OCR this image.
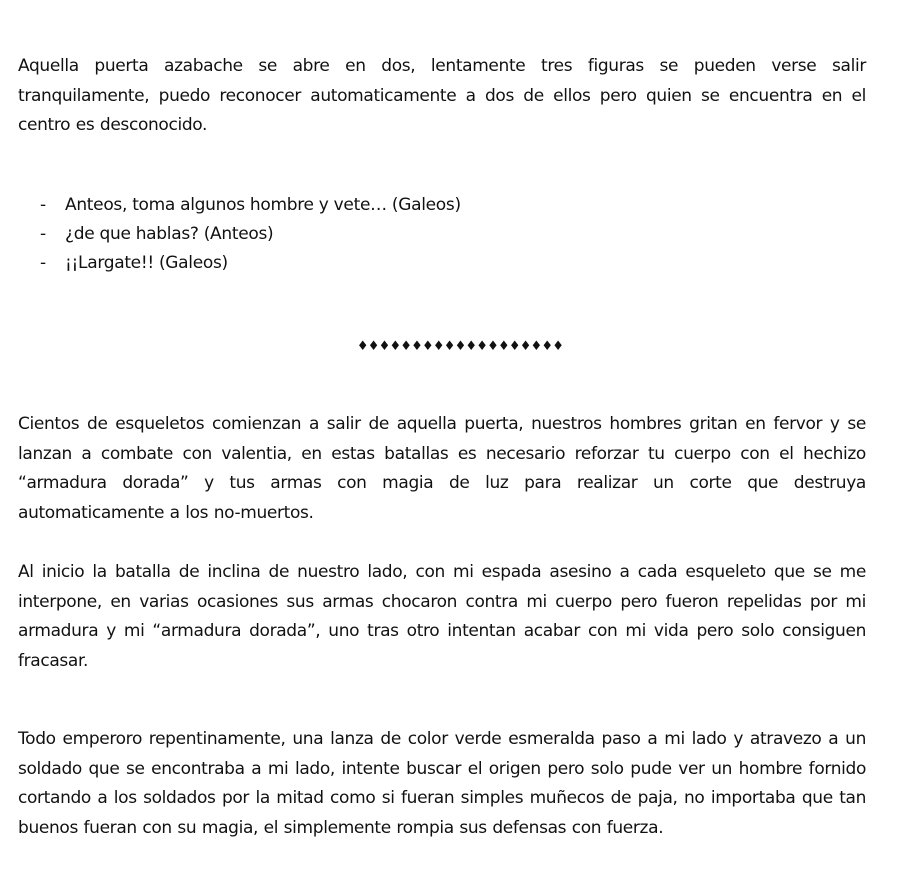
Aquella puerta azabache se abre en dos, lentamente tres figuras se pueden verse salir tranquilamente, puedo reconocer automaticamente a dos de ellos pero quien se encuentra en el centro es desconocido.

- Anteos, toma algunos hombre y vete… (Galeos)
- ¿de que hablas? (Anteos)
- ¡¡Largate!! (Galeos)
♦♦♦♦♦♦♦♦♦♦♦♦♦♦♦♦♦♦♦

Cientos de esqueletos comienzan a salir de aquella puerta, nuestros hombres gritan en fervor y se lanzan a combate con valentia, en estas batallas es necesario reforzar tu cuerpo con el hechizo “armadura dorada” y tus armas con magia de luz para realizar un corte que destruya automaticamente a los no-muertos.

Al inicio la batalla de inclina de nuestro lado, con mi espada asesino a cada esqueleto que se me interpone, en varias ocasiones sus armas chocaron contra mi cuerpo pero fueron repelidas por mi armadura y mi “armadura dorada”, uno tras otro intentan acabar con mi vida pero solo consiguen fracasar.

Todo emperoro repentinamente, una lanza de color verde esmeralda paso a mi lado y atravezo a un soldado que se encontraba a mi lado, intente buscar el origen pero solo pude ver un hombre fornido cortando a los soldados por la mitad como si fueran simples muñecos de paja, no importaba que tan buenos fueran con su magia, el simplemente rompia sus defensas con fuerza.
